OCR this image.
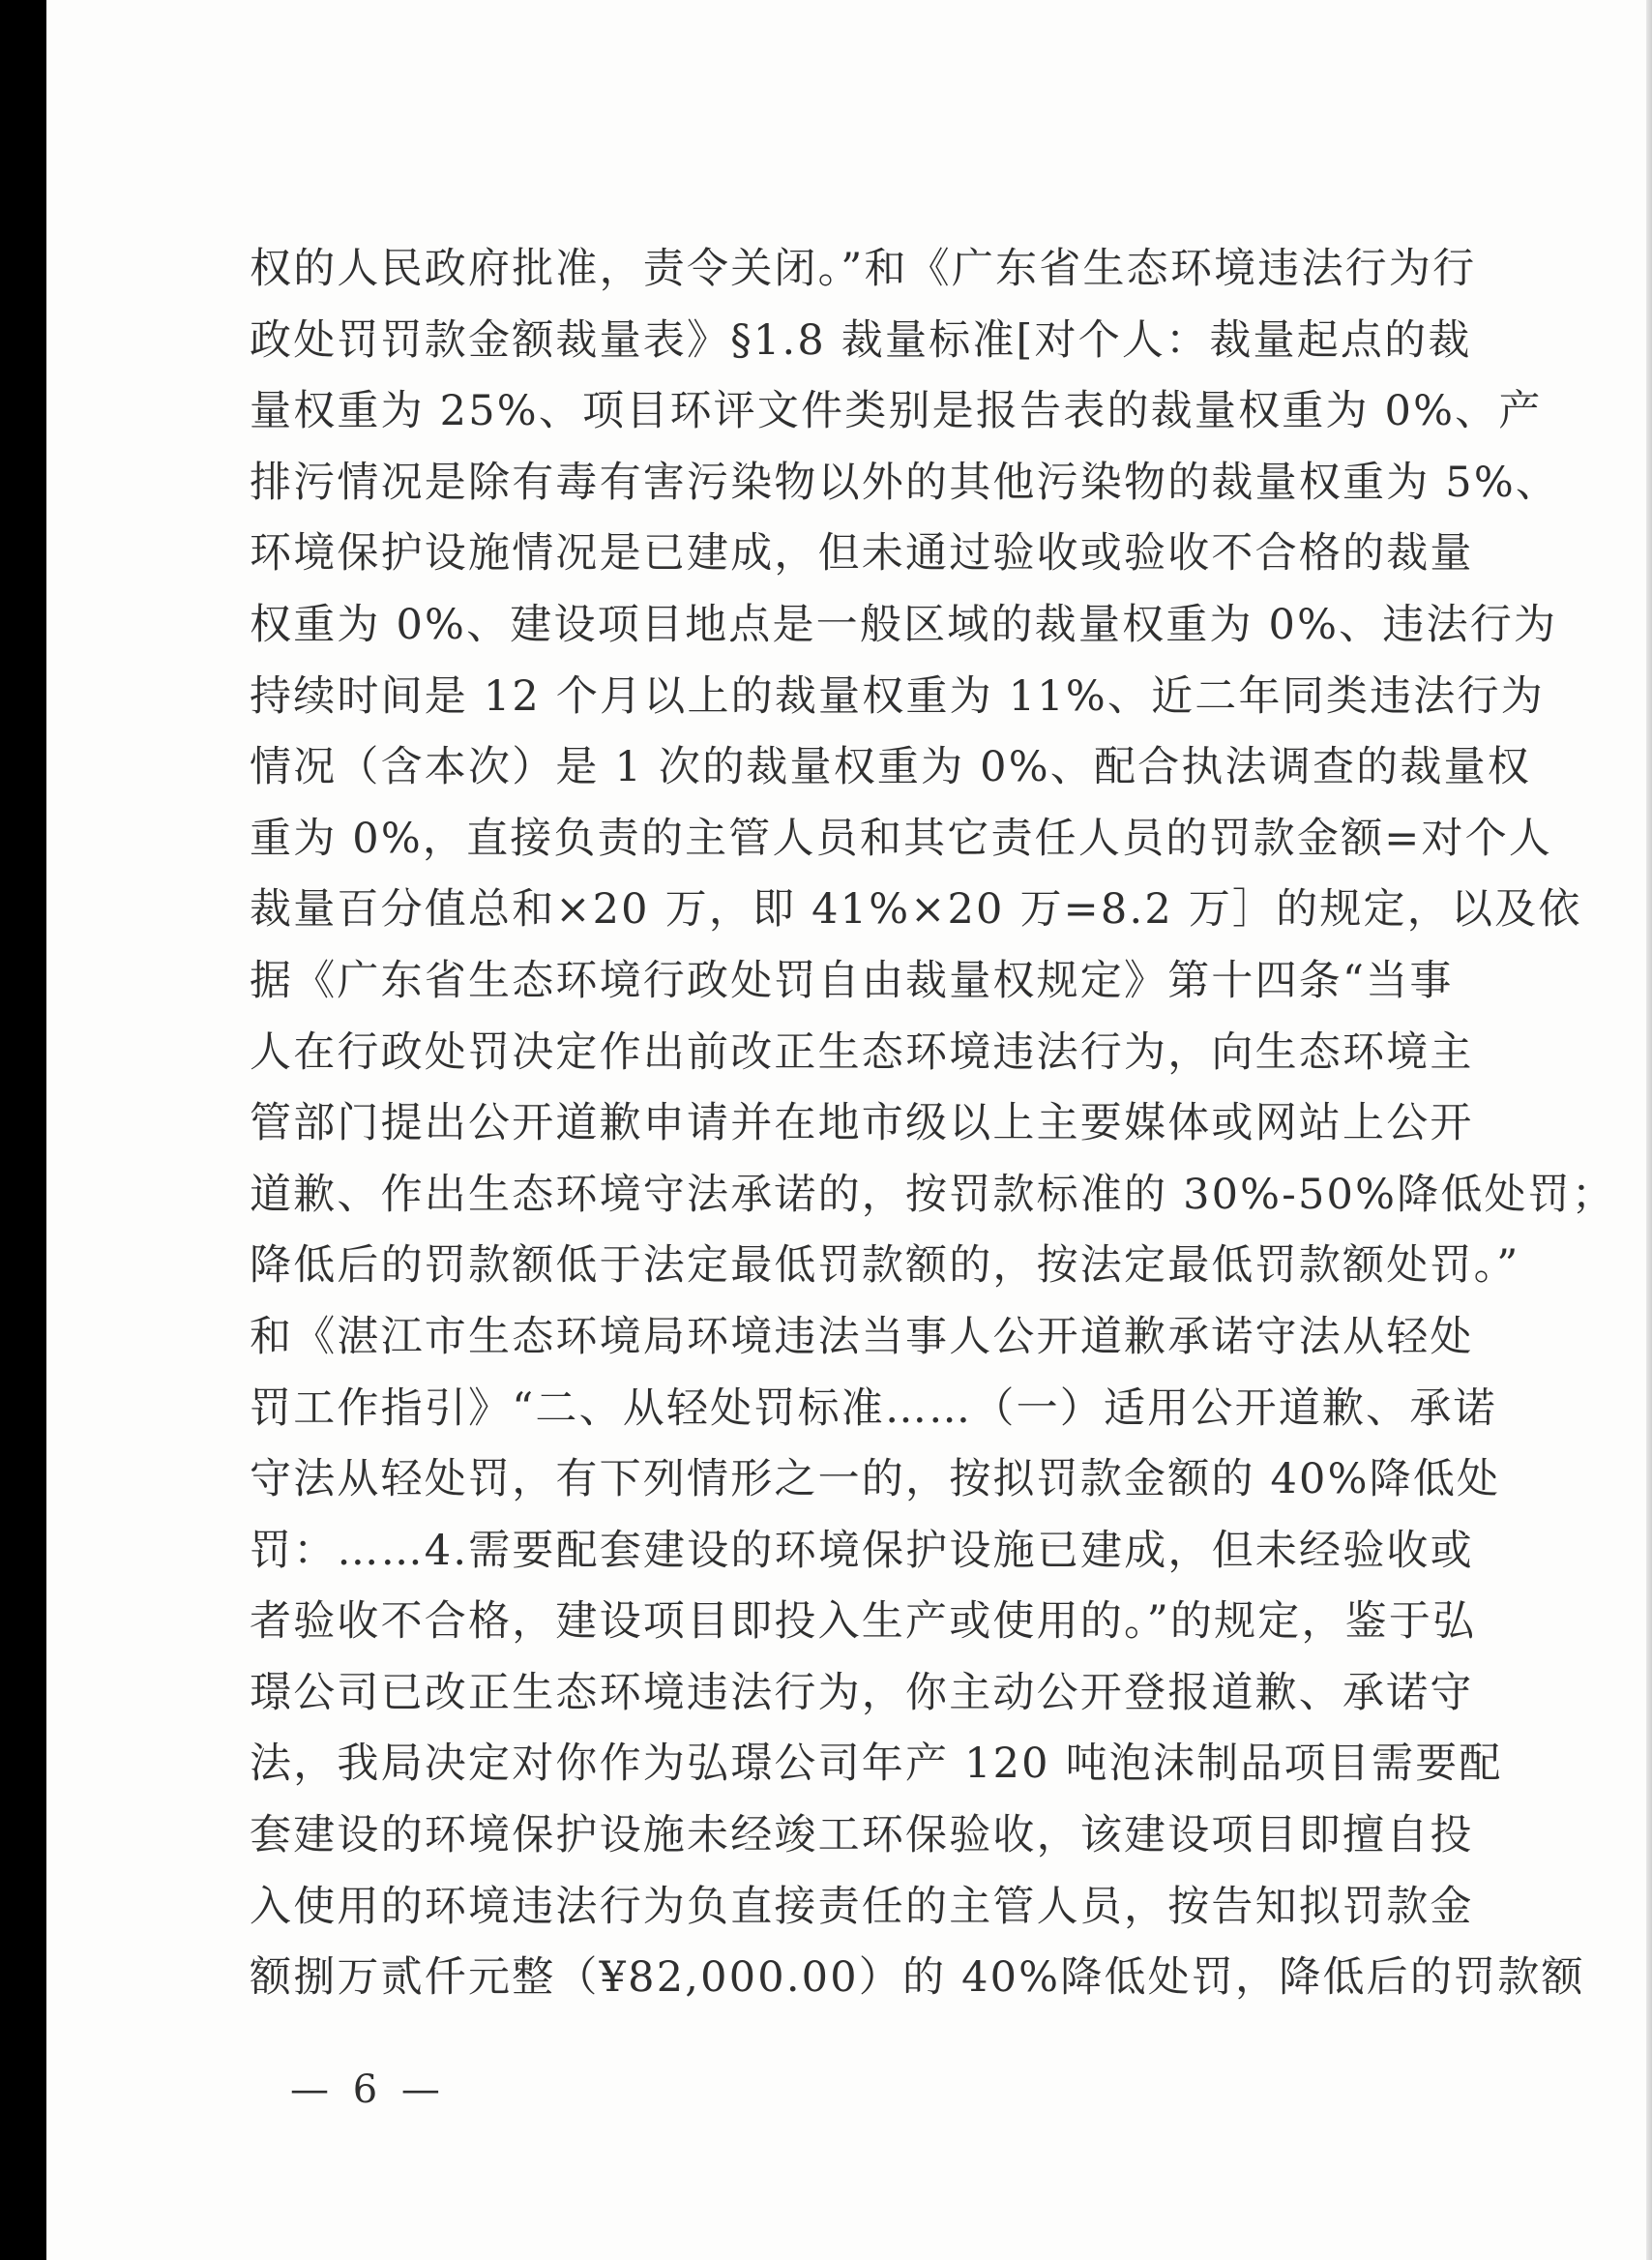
权的人民政府批准，责令关闭。”和《广东省生态环境违法行为行
政处罚罚款金额裁量表》§1.8 裁量标准[对个人：裁量起点的裁
量权重为 25%、项目环评文件类别是报告表的裁量权重为 0%、产
排污情况是除有毒有害污染物以外的其他污染物的裁量权重为 5%、
环境保护设施情况是已建成，但未通过验收或验收不合格的裁量
权重为 0%、建设项目地点是一般区域的裁量权重为 0%、违法行为
持续时间是 12 个月以上的裁量权重为 11%、近二年同类违法行为
情况（含本次）是 1 次的裁量权重为 0%、配合执法调查的裁量权
重为 0%，直接负责的主管人员和其它责任人员的罚款金额=对个人
裁量百分值总和×20 万，即 41%×20 万=8.2 万］的规定，以及依
据《广东省生态环境行政处罚自由裁量权规定》第十四条“当事
人在行政处罚决定作出前改正生态环境违法行为，向生态环境主
管部门提出公开道歉申请并在地市级以上主要媒体或网站上公开
道歉、作出生态环境守法承诺的，按罚款标准的 30%-50%降低处罚；
降低后的罚款额低于法定最低罚款额的，按法定最低罚款额处罚。”
和《湛江市生态环境局环境违法当事人公开道歉承诺守法从轻处
罚工作指引》“二、从轻处罚标准……（一）适用公开道歉、承诺
守法从轻处罚，有下列情形之一的，按拟罚款金额的 40%降低处
罚：……4.需要配套建设的环境保护设施已建成，但未经验收或
者验收不合格，建设项目即投入生产或使用的。”的规定，鉴于弘
璟公司已改正生态环境违法行为，你主动公开登报道歉、承诺守
法，我局决定对你作为弘璟公司年产 120 吨泡沫制品项目需要配
套建设的环境保护设施未经竣工环保验收，该建设项目即擅自投
入使用的环境违法行为负直接责任的主管人员，按告知拟罚款金
额捌万贰仟元整（¥82,000.00）的 40%降低处罚，降低后的罚款额
— 6 —
